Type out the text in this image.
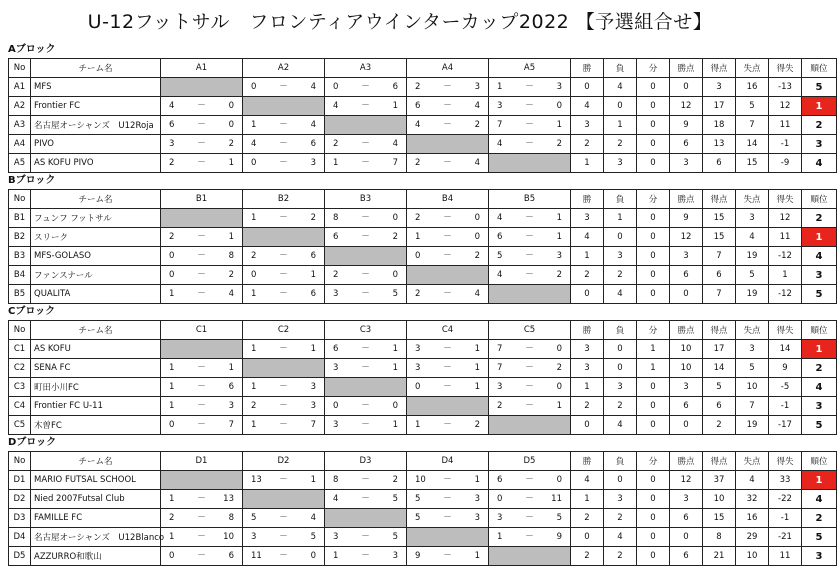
U-12フットサル　フロンティアウインターカップ2022 【予選組合せ】
Aブロック
No	チーム名	A1	A2	A3	A4	A5	勝	負	分	勝点	得点	失点	得失	順位
A1	MFS		0 － 4	0 － 6	2 － 3	1 － 3	0	4	0	0	3	16	-13	5
A2	Frontier FC	4 － 0		4 － 1	6 － 4	3 － 0	4	0	0	12	17	5	12	1
A3	名古屋オーシャンズ　U12Roja	6 － 0	1 － 4		4 － 2	7 － 1	3	1	0	9	18	7	11	2
A4	PIVO	3 － 2	4 － 6	2 － 4		4 － 2	2	2	0	6	13	14	-1	3
A5	AS KOFU PIVO	2 － 1	0 － 3	1 － 7	2 － 4		1	3	0	3	6	15	-9	4
Bブロック
No	チーム名	B1	B2	B3	B4	B5	勝	負	分	勝点	得点	失点	得失	順位
B1	フュンフ フットサル		1 － 2	8 － 0	2 － 0	4 － 1	3	1	0	9	15	3	12	2
B2	スリーク	2 － 1		6 － 2	1 － 0	6 － 1	4	0	0	12	15	4	11	1
B3	MFS-GOLASO	0 － 8	2 － 6		0 － 2	5 － 3	1	3	0	3	7	19	-12	4
B4	ファンスナール	0 － 2	0 － 1	2 － 0		4 － 2	2	2	0	6	6	5	1	3
B5	QUALITA	1 － 4	1 － 6	3 － 5	2 － 4		0	4	0	0	7	19	-12	5
Cブロック
No	チーム名	C1	C2	C3	C4	C5	勝	負	分	勝点	得点	失点	得失	順位
C1	AS KOFU		1 － 1	6 － 1	3 － 1	7 － 0	3	0	1	10	17	3	14	1
C2	SENA FC	1 － 1		3 － 1	3 － 1	7 － 2	3	0	1	10	14	5	9	2
C3	町田小川FC	1 － 6	1 － 3		0 － 1	3 － 0	1	3	0	3	5	10	-5	4
C4	Frontier FC U-11	1 － 3	2 － 3	0 － 0		2 － 1	2	2	0	6	6	7	-1	3
C5	木曽FC	0 － 7	1 － 7	3 － 1	1 － 2		0	4	0	0	2	19	-17	5
Dブロック
No	チーム名	D1	D2	D3	D4	D5	勝	負	分	勝点	得点	失点	得失	順位
D1	MARIO FUTSAL SCHOOL		13 － 1	8 － 2	10 － 1	6 － 0	4	0	0	12	37	4	33	1
D2	Nied 2007Futsal Club	1 － 13		4 － 5	5 － 3	0 － 11	1	3	0	3	10	32	-22	4
D3	FAMILLE FC	2 － 8	5 － 4		5 － 3	3 － 5	2	2	0	6	15	16	-1	2
D4	名古屋オーシャンズ　U12Blanco	1 － 10	3 － 5	3 － 5		1 － 9	0	4	0	0	8	29	-21	5
D5	AZZURRO和歌山	0 － 6	11 － 0	1 － 3	9 － 1		2	2	0	6	21	10	11	3
